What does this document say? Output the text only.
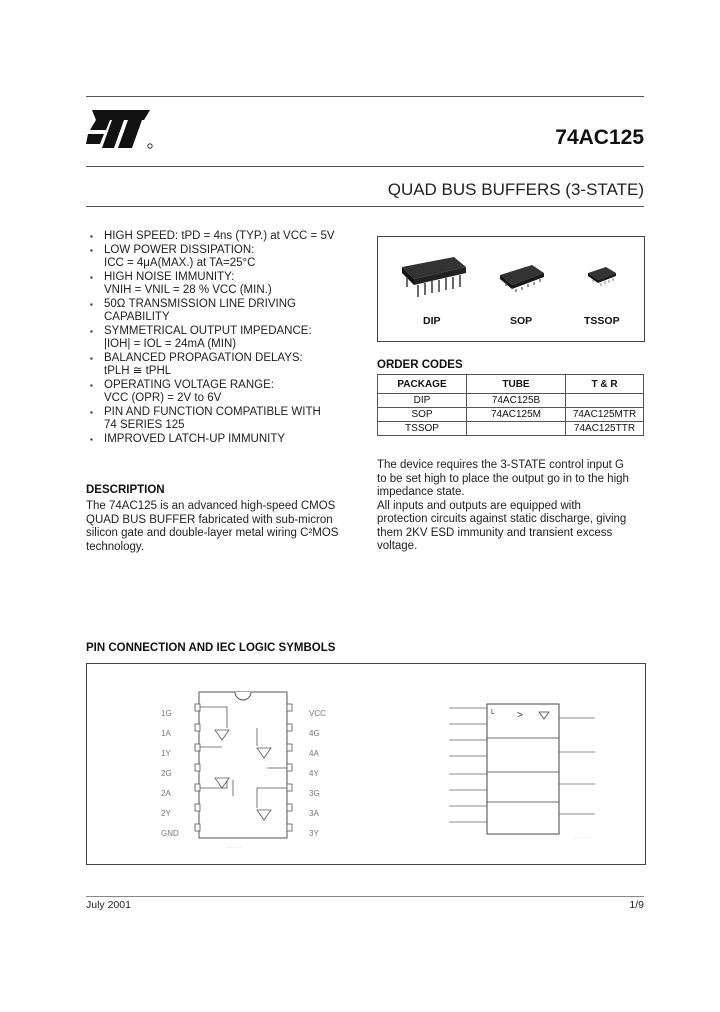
74AC125
QUAD BUS BUFFERS (3-STATE)
▪ HIGH SPEED: tPD = 4ns (TYP.) at VCC = 5V
▪ LOW POWER DISSIPATION:
ICC = 4μA(MAX.) at TA=25°C
▪ HIGH NOISE IMMUNITY:
VNIH = VNIL = 28 % VCC (MIN.)
▪ 50Ω TRANSMISSION LINE DRIVING
CAPABILITY
▪ SYMMETRICAL OUTPUT IMPEDANCE:
|IOH| = IOL = 24mA (MIN)
▪ BALANCED PROPAGATION DELAYS:
tPLH ≅ tPHL
▪ OPERATING VOLTAGE RANGE:
VCC (OPR) = 2V to 6V
▪ PIN AND FUNCTION COMPATIBLE WITH
74 SERIES 125
▪ IMPROVED LATCH-UP IMMUNITY
DESCRIPTION
The 74AC125 is an advanced high-speed CMOS
QUAD BUS BUFFER fabricated with sub-micron
silicon gate and double-layer metal wiring C²MOS
technology.
DIP	SOP	TSSOP
ORDER CODES
PACKAGE	TUBE	T & R
DIP	74AC125B	
SOP	74AC125M	74AC125MTR
TSSOP		74AC125TTR
The device requires the 3-STATE control input G
to be set high to place the output go in to the high
impedance state.
All inputs and outputs are equipped with
protection circuits against static discharge, giving
them 2KV ESD immunity and transient excess
voltage.
PIN CONNECTION AND IEC LOGIC SYMBOLS
· · · · ·
1G
1A
1Y
2G
2A
2Y
GND
VCC
4G
4A
4Y
3G
3A
3Y
L >
· · · · · ·
July 2001	1/9
